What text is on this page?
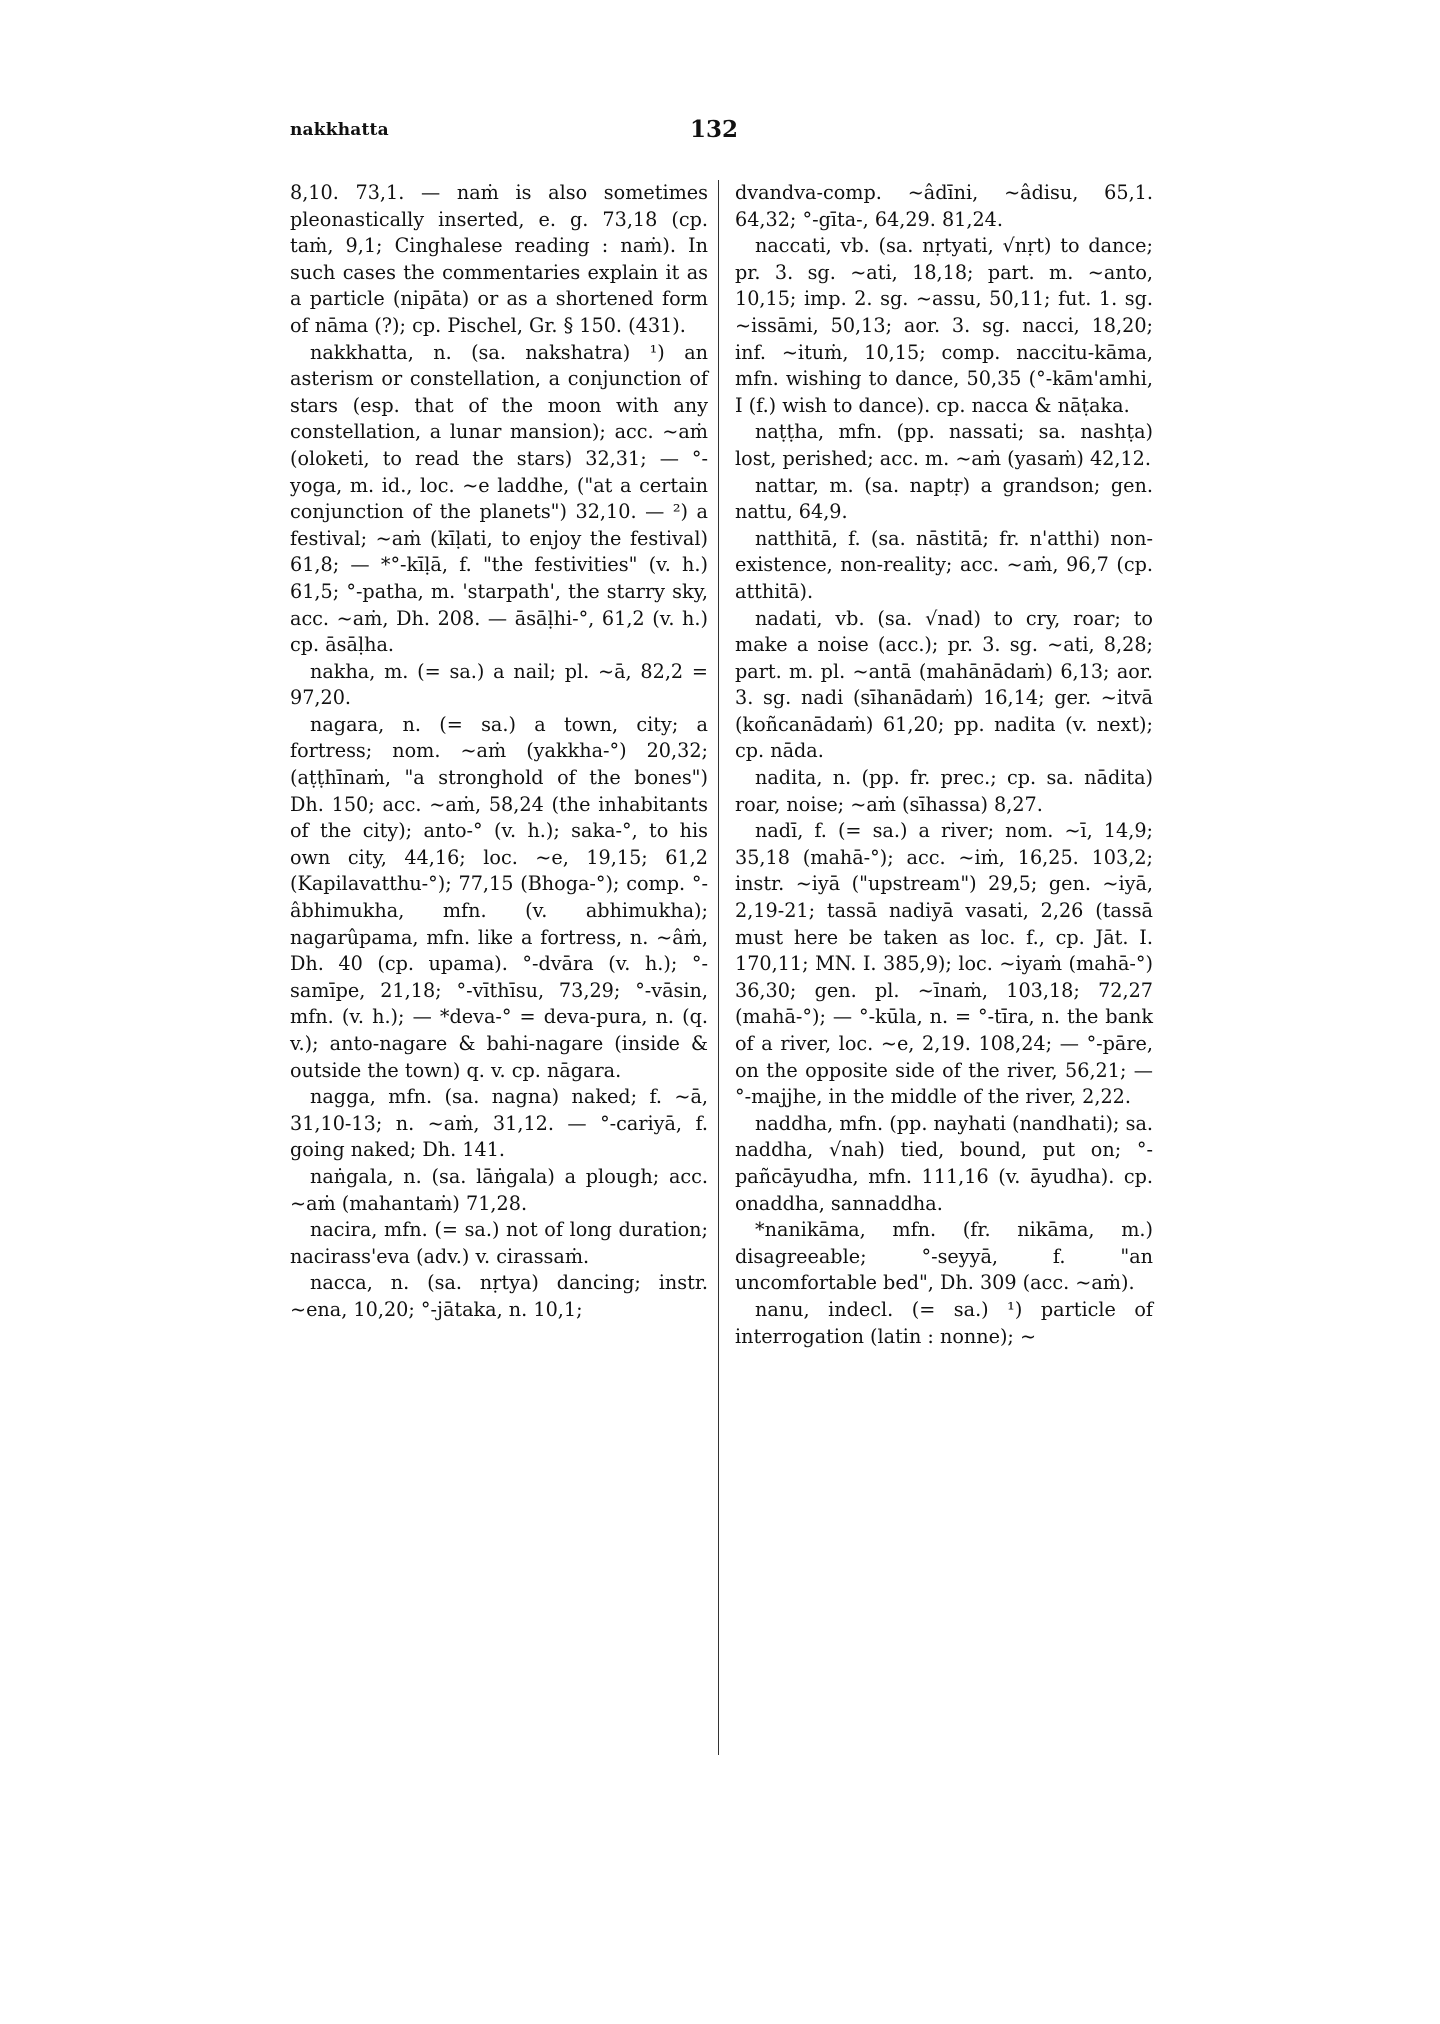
nakkhatta	132

8,10. 73,1. — naṁ is also sometimes pleonastically inserted, e. g. 73,18 (cp. taṁ, 9,1; Cinghalese reading : naṁ). In such cases the commentaries explain it as a particle (nipāta) or as a shortened form of nāma (?); cp. Pischel, Gr. § 150. (431).

nakkhatta, n. (sa. nakshatra) ¹) an asterism or constellation, a conjunction of stars (esp. that of the moon with any constellation, a lunar mansion); acc. ~aṁ (oloketi, to read the stars) 32,31; — °-yoga, m. id., loc. ~e laddhe, ("at a certain conjunction of the planets") 32,10. — ²) a festival; ~aṁ (kīḷati, to enjoy the festival) 61,8; — *°-kīḷā, f. "the festivities" (v. h.) 61,5; °-patha, m. 'starpath', the starry sky, acc. ~aṁ, Dh. 208. — āsāḷhi-°, 61,2 (v. h.) cp. āsāḷha.

nakha, m. (= sa.) a nail; pl. ~ā, 82,2 = 97,20.

nagara, n. (= sa.) a town, city; a fortress; nom. ~aṁ (yakkha-°) 20,32; (aṭṭhīnaṁ, "a stronghold of the bones") Dh. 150; acc. ~aṁ, 58,24 (the inhabitants of the city); anto-° (v. h.); saka-°, to his own city, 44,16; loc. ~e, 19,15; 61,2 (Kapilavatthu-°); 77,15 (Bhoga-°); comp. °-âbhimukha, mfn. (v. abhimukha); nagarûpama, mfn. like a fortress, n. ~âṁ, Dh. 40 (cp. upama). °-dvāra (v. h.); °-samīpe, 21,18; °-vīthīsu, 73,29; °-vāsin, mfn. (v. h.); — *deva-° = deva-pura, n. (q. v.); anto-nagare & bahi-nagare (inside & outside the town) q. v. cp. nāgara.

nagga, mfn. (sa. nagna) naked; f. ~ā, 31,10-13; n. ~aṁ, 31,12. — °-cariyā, f. going naked; Dh. 141.

naṅgala, n. (sa. lāṅgala) a plough; acc. ~aṁ (mahantaṁ) 71,28.

nacira, mfn. (= sa.) not of long duration; nacirass'eva (adv.) v. cirassaṁ.

nacca, n. (sa. nṛtya) dancing; instr. ~ena, 10,20; °-jātaka, n. 10,1;

dvandva-comp. ~âdīni, ~âdisu, 65,1. 64,32; °-gīta-, 64,29. 81,24.

naccati, vb. (sa. nṛtyati, √nṛt) to dance; pr. 3. sg. ~ati, 18,18; part. m. ~anto, 10,15; imp. 2. sg. ~assu, 50,11; fut. 1. sg. ~issāmi, 50,13; aor. 3. sg. nacci, 18,20; inf. ~ituṁ, 10,15; comp. naccitu-kāma, mfn. wishing to dance, 50,35 (°-kām'amhi, I (f.) wish to dance). cp. nacca & nāṭaka.

naṭṭha, mfn. (pp. nassati; sa. nashṭa) lost, perished; acc. m. ~aṁ (yasaṁ) 42,12.

nattar, m. (sa. naptṛ) a grandson; gen. nattu, 64,9.

natthitā, f. (sa. nāstitā; fr. n'atthi) non-existence, non-reality; acc. ~aṁ, 96,7 (cp. atthitā).

nadati, vb. (sa. √nad) to cry, roar; to make a noise (acc.); pr. 3. sg. ~ati, 8,28; part. m. pl. ~antā (mahānādaṁ) 6,13; aor. 3. sg. nadi (sīhanādaṁ) 16,14; ger. ~itvā (koñcanādaṁ) 61,20; pp. nadita (v. next); cp. nāda.

nadita, n. (pp. fr. prec.; cp. sa. nādita) roar, noise; ~aṁ (sīhassa) 8,27.

nadī, f. (= sa.) a river; nom. ~ī, 14,9; 35,18 (mahā-°); acc. ~iṁ, 16,25. 103,2; instr. ~iyā ("upstream") 29,5; gen. ~iyā, 2,19-21; tassā nadiyā vasati, 2,26 (tassā must here be taken as loc. f., cp. Jāt. I. 170,11; MN. I. 385,9); loc. ~iyaṁ (mahā-°) 36,30; gen. pl. ~īnaṁ, 103,18; 72,27 (mahā-°); — °-kūla, n. = °-tīra, n. the bank of a river, loc. ~e, 2,19. 108,24; — °-pāre, on the opposite side of the river, 56,21; — °-majjhe, in the middle of the river, 2,22.

naddha, mfn. (pp. nayhati (nandhati); sa. naddha, √nah) tied, bound, put on; °-pañcāyudha, mfn. 111,16 (v. āyudha). cp. onaddha, sannaddha.

*nanikāma, mfn. (fr. nikāma, m.) disagreeable; °-seyyā, f. "an uncomfortable bed", Dh. 309 (acc. ~aṁ).

nanu, indecl. (= sa.) ¹) particle of interrogation (latin : nonne); ~
